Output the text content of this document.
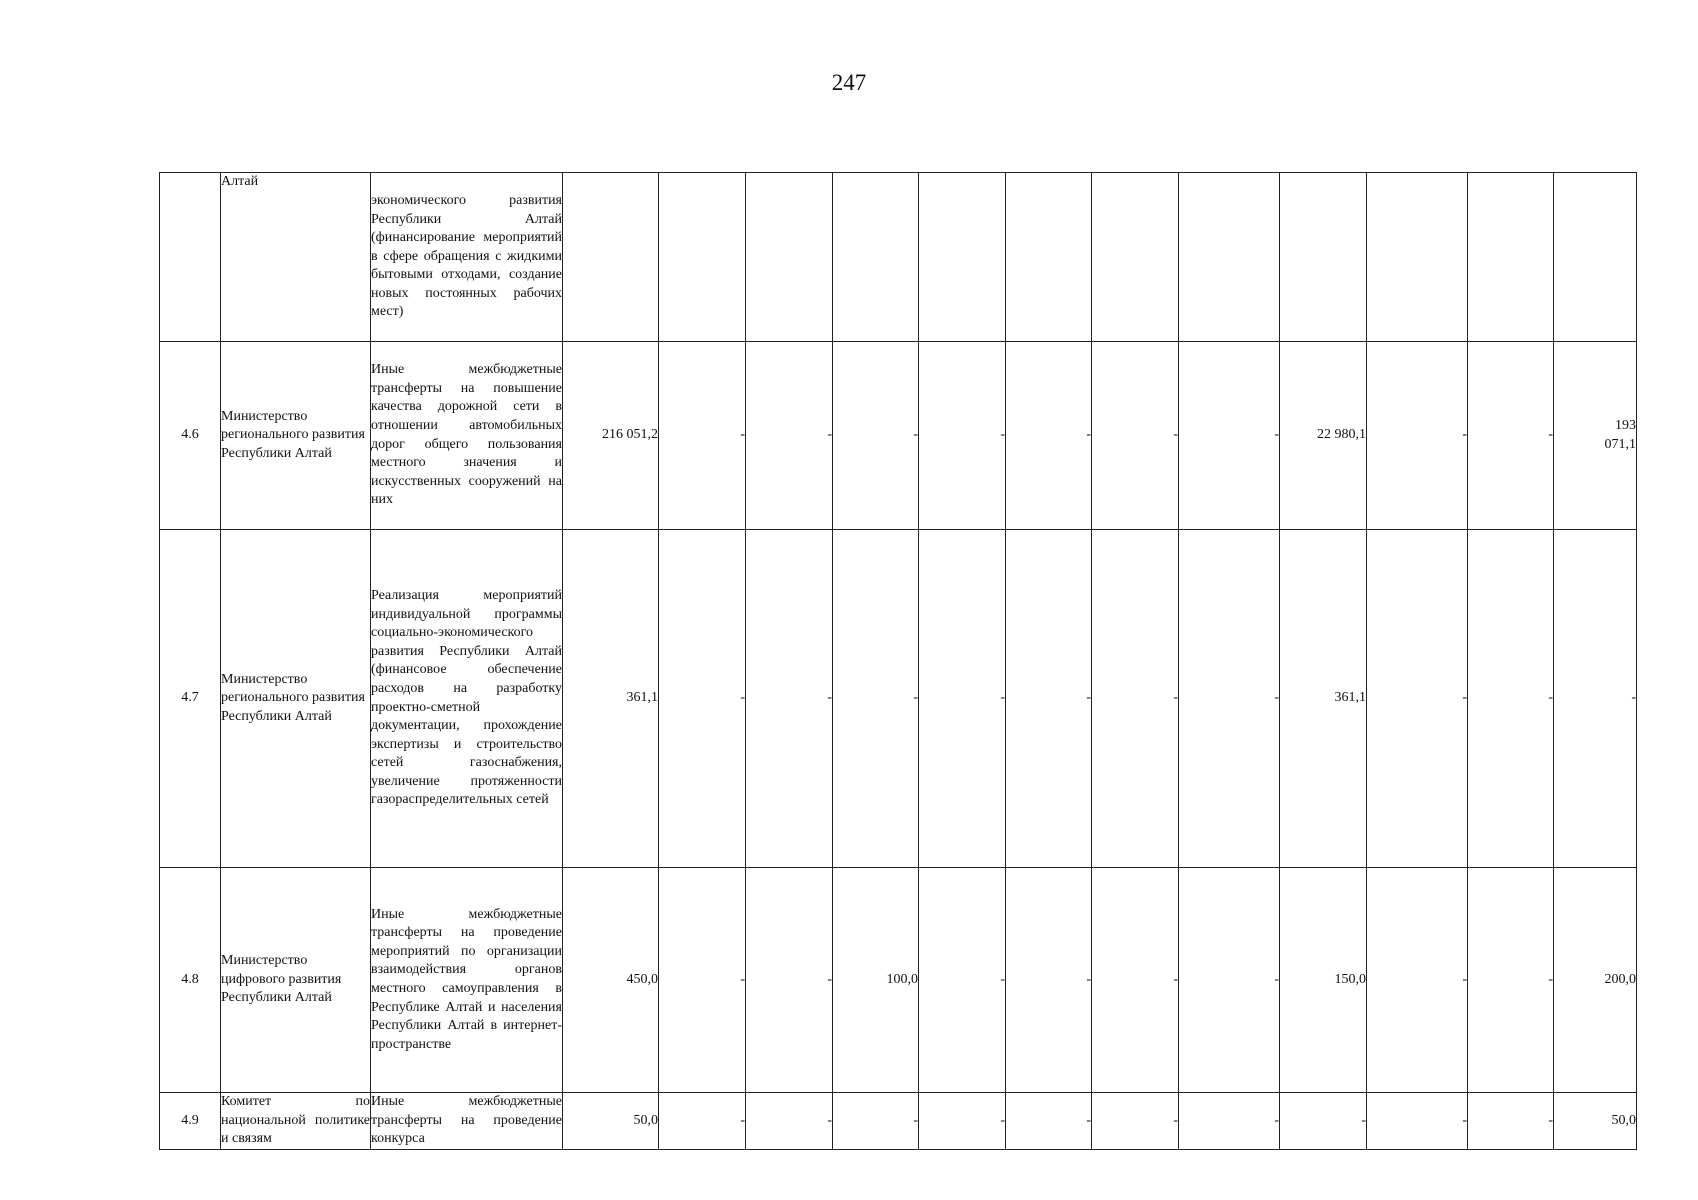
247
	Алтай	экономического развития Республики Алтай (финансирование мероприятий в сфере обращения с жидкими бытовыми отходами, создание новых постоянных рабочих мест)												
4.6	Министерство регионального развития Республики Алтай	Иные межбюджетные трансферты на повышение качества дорожной сети в отношении автомобильных дорог общего пользования местного значения и искусственных сооружений на них	216 051,2	-	-	-	-	-	-	-	22 980,1	-	-	193 071,1
4.7	Министерство регионального развития Республики Алтай	Реализация мероприятий индивидуальной программы социально-экономического развития Республики Алтай (финансовое обеспечение расходов на разработку проектно-сметной документации, прохождение экспертизы и строительство сетей газоснабжения, увеличение протяженности газораспределительных сетей	361,1	-	-	-	-	-	-	-	361,1	-	-	-
4.8	Министерство цифрового развития Республики Алтай	Иные межбюджетные трансферты на проведение мероприятий по организации взаимодействия органов местного самоуправления в Республике Алтай и населения Республики Алтай в интернет-пространстве	450,0	-	-	100,0	-	-	-	-	150,0	-	-	200,0
4.9	Комитет по национальной политике и связям	Иные межбюджетные трансферты на проведение конкурса	50,0	-	-	-	-	-	-	-	-	-	-	50,0
